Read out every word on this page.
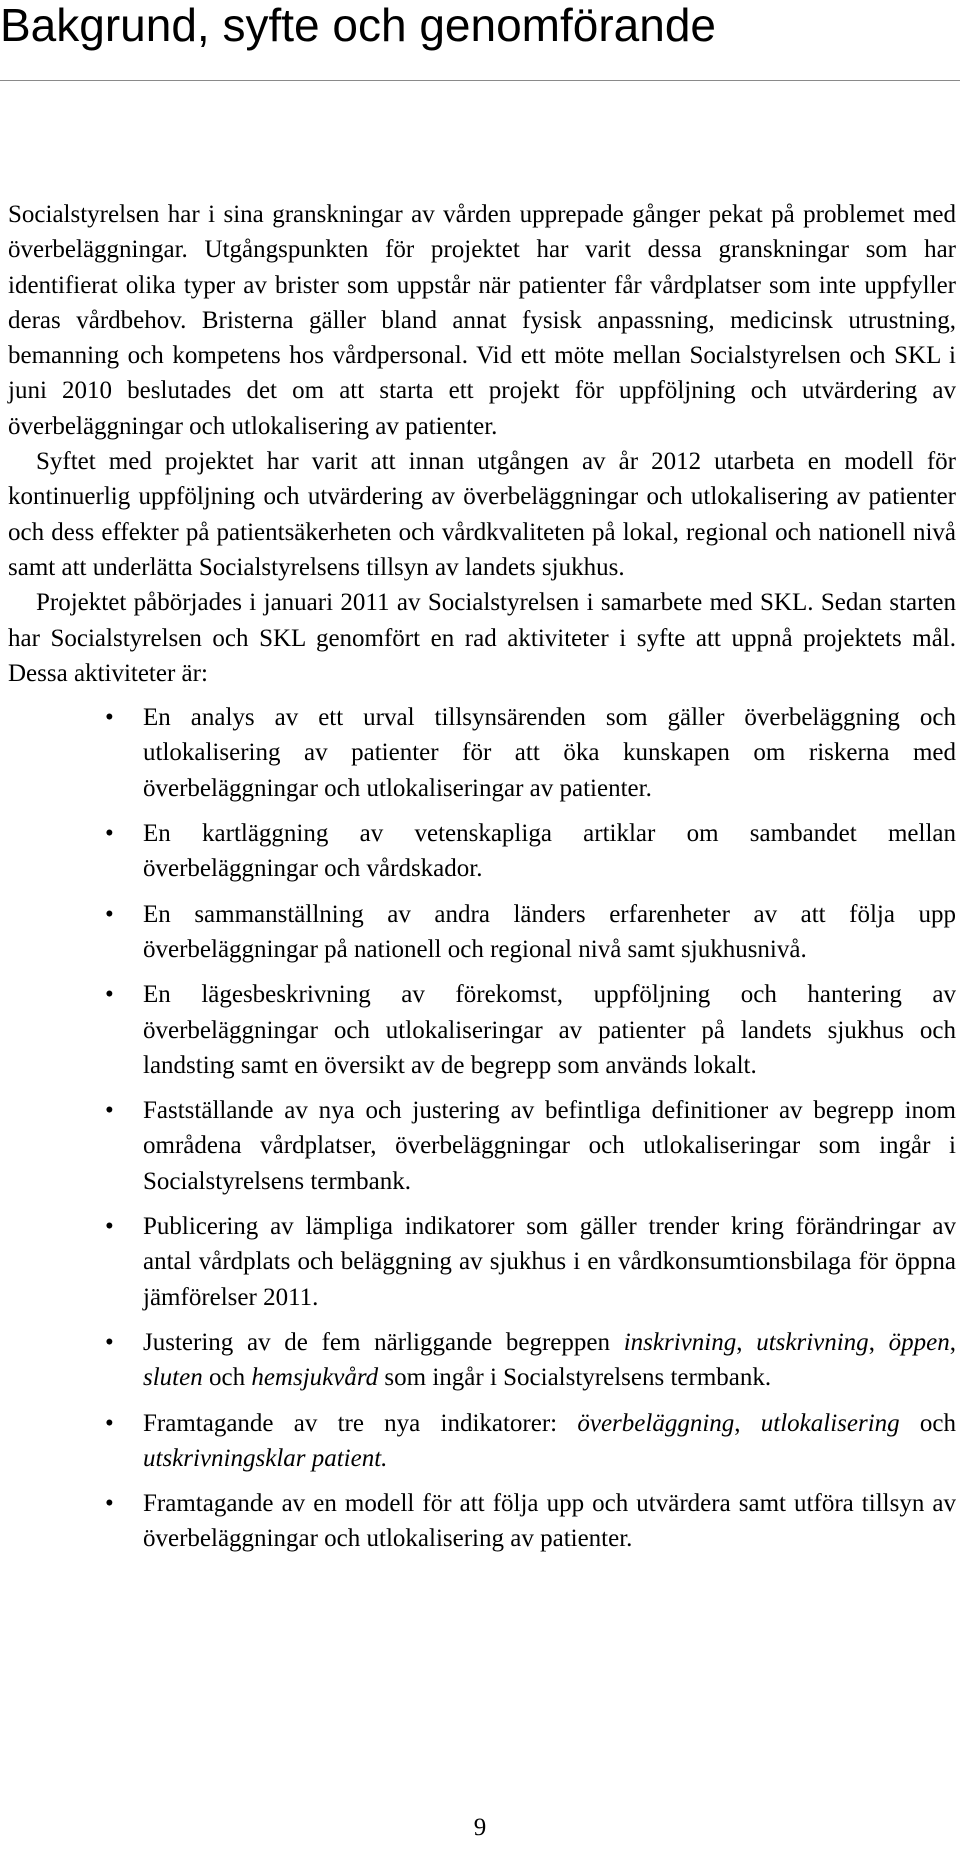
Bakgrund, syfte och genomförande

Socialstyrelsen har i sina granskningar av vården upprepade gånger pekat på problemet med överbeläggningar. Utgångspunkten för projektet har varit dessa granskningar som har identifierat olika typer av brister som uppstår när patienter får vårdplatser som inte uppfyller deras vårdbehov. Bristerna gäller bland annat fysisk anpassning, medicinsk utrustning, bemanning och kompetens hos vårdpersonal. Vid ett möte mellan Socialstyrelsen och SKL i juni 2010 beslutades det om att starta ett projekt för uppföljning och utvärdering av överbeläggningar och utlokalisering av patienter.

Syftet med projektet har varit att innan utgången av år 2012 utarbeta en modell för kontinuerlig uppföljning och utvärdering av överbeläggningar och utlokalisering av patienter och dess effekter på patientsäkerheten och vårdkvaliteten på lokal, regional och nationell nivå samt att underlätta Socialstyrelsens tillsyn av landets sjukhus.

Projektet påbörjades i januari 2011 av Socialstyrelsen i samarbete med SKL. Sedan starten har Socialstyrelsen och SKL genomfört en rad aktiviteter i syfte att uppnå projektets mål. Dessa aktiviteter är:

• En analys av ett urval tillsynsärenden som gäller överbeläggning och utlokalisering av patienter för att öka kunskapen om riskerna med överbeläggningar och utlokaliseringar av patienter.
• En kartläggning av vetenskapliga artiklar om sambandet mellan överbeläggningar och vårdskador.
• En sammanställning av andra länders erfarenheter av att följa upp överbeläggningar på nationell och regional nivå samt sjukhusnivå.
• En lägesbeskrivning av förekomst, uppföljning och hantering av överbeläggningar och utlokaliseringar av patienter på landets sjukhus och landsting samt en översikt av de begrepp som används lokalt.
• Fastställande av nya och justering av befintliga definitioner av begrepp inom områdena vårdplatser, överbeläggningar och utlokaliseringar som ingår i Socialstyrelsens termbank.
• Publicering av lämpliga indikatorer som gäller trender kring förändringar av antal vårdplats och beläggning av sjukhus i en vårdkonsumtionsbilaga för öppna jämförelser 2011.
• Justering av de fem närliggande begreppen inskrivning, utskrivning, öppen, sluten och hemsjukvård som ingår i Socialstyrelsens termbank.
• Framtagande av tre nya indikatorer: överbeläggning, utlokalisering och utskrivningsklar patient.
• Framtagande av en modell för att följa upp och utvärdera samt utföra tillsyn av överbeläggningar och utlokalisering av patienter.
9
